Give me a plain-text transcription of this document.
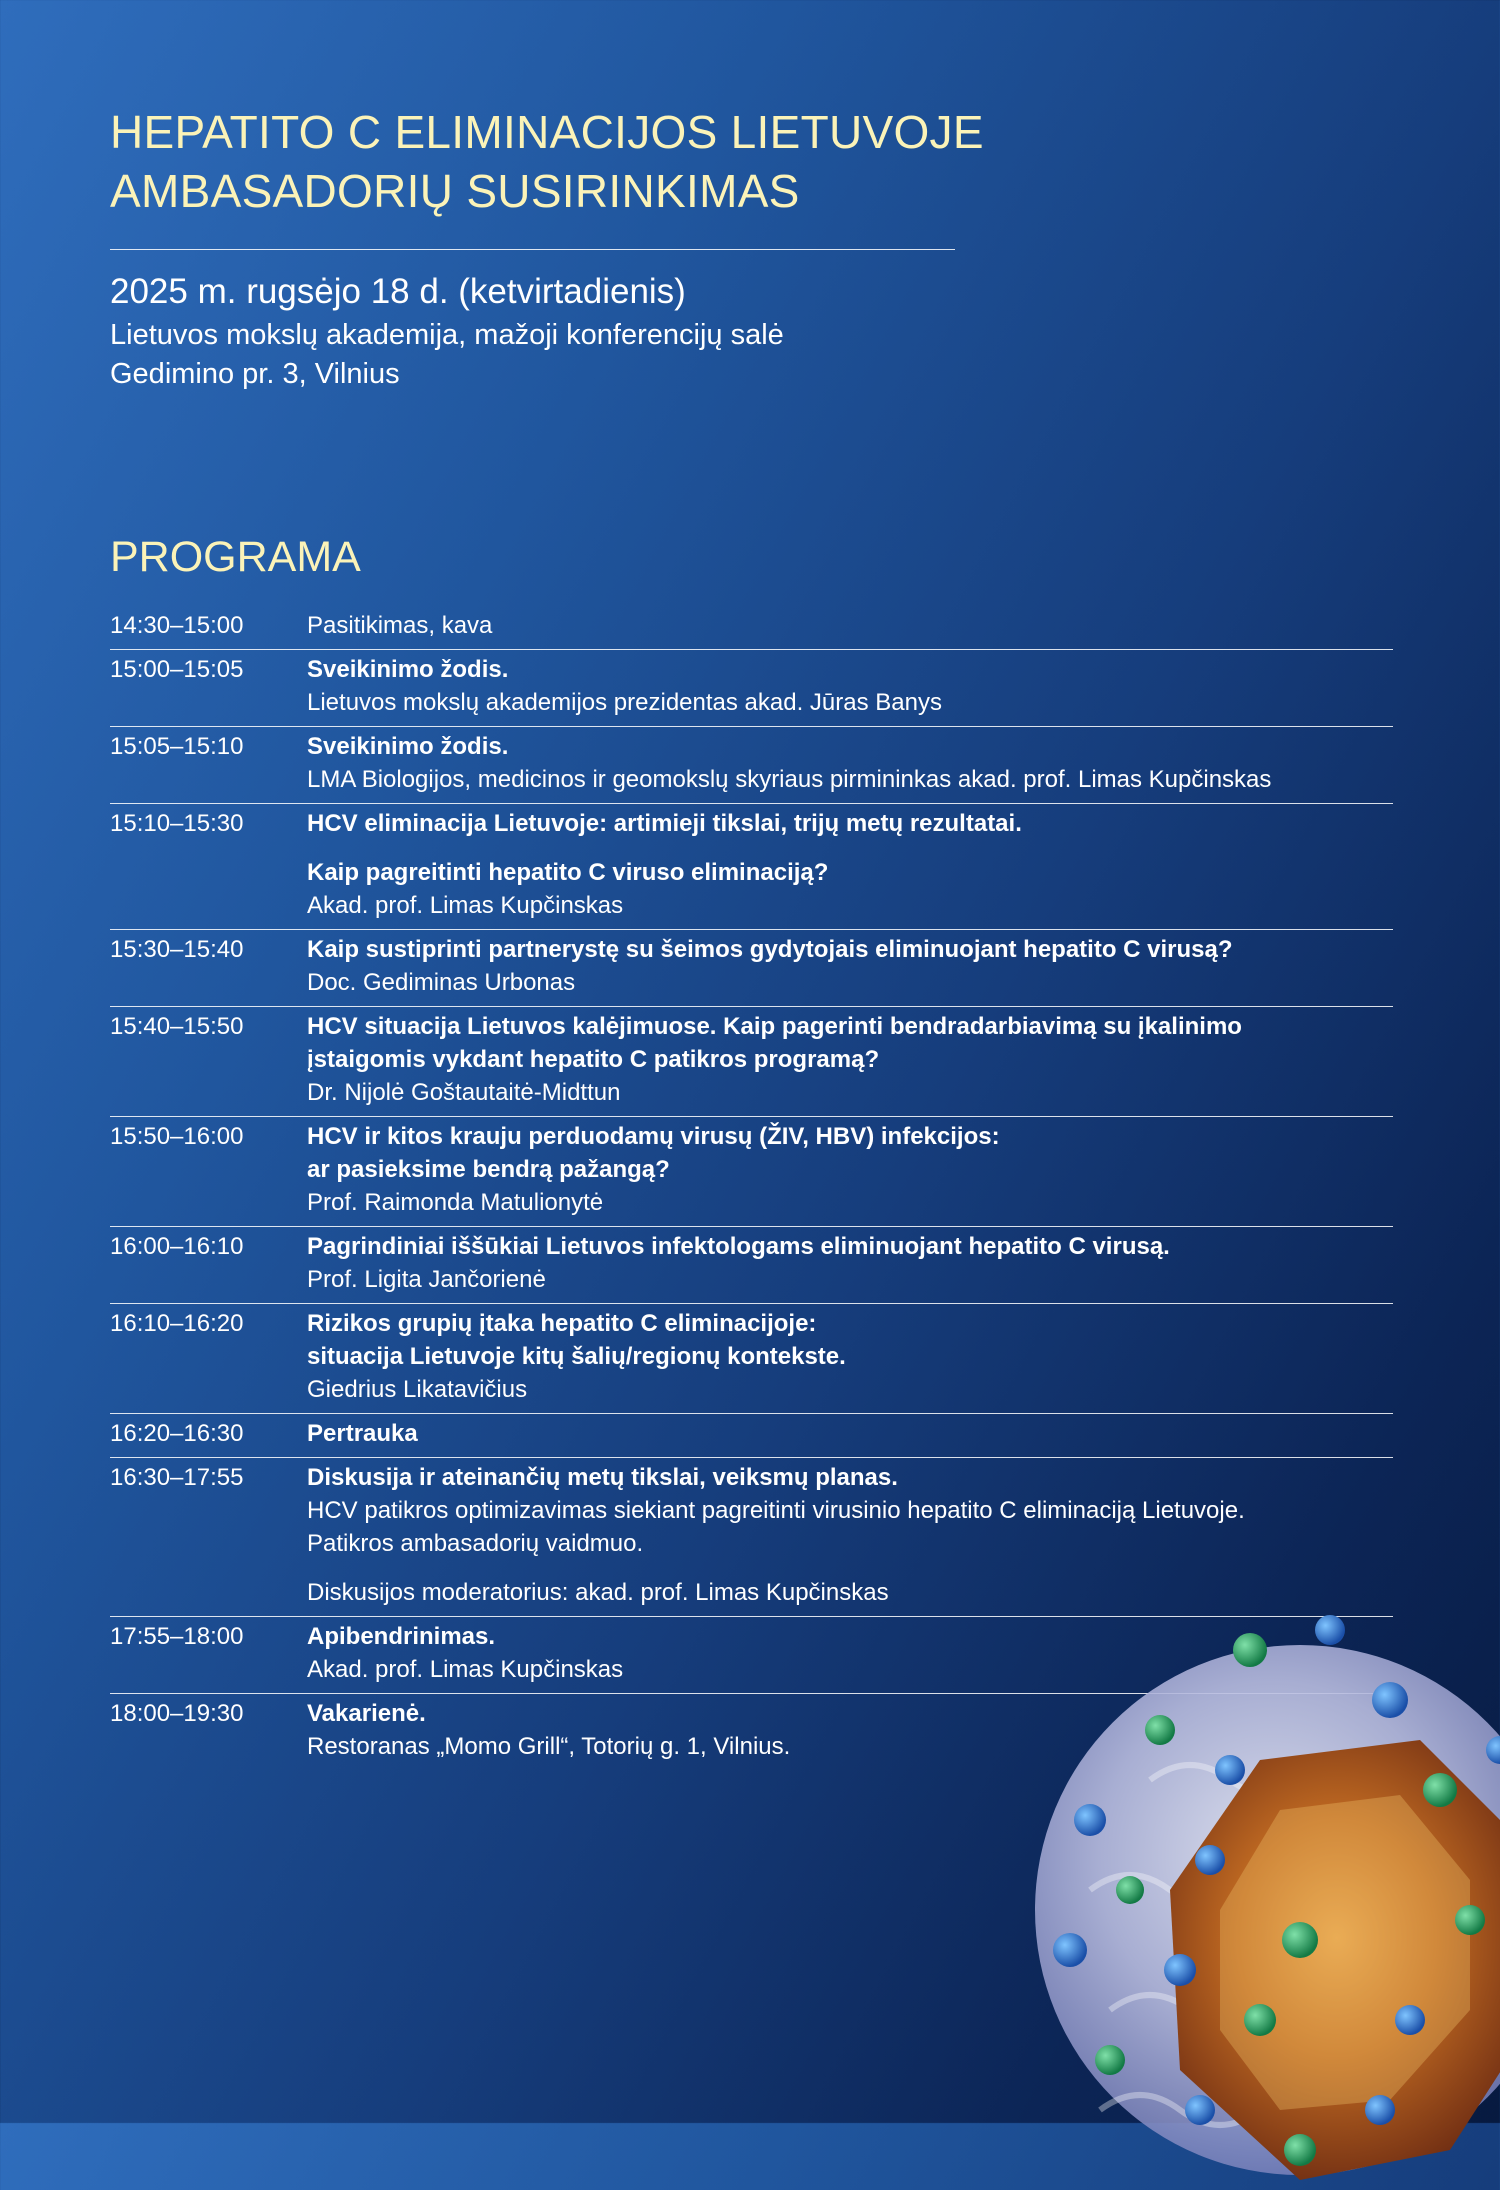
HEPATITO C ELIMINACIJOS LIETUVOJE
AMBASADORIŲ SUSIRINKIMAS
2025 m. rugsėjo 18 d. (ketvirtadienis)
Lietuvos mokslų akademija, mažoji konferencijų salė
Gedimino pr. 3, Vilnius
PROGRAMA
14:30–15:00	Pasitikimas, kava
15:00–15:05	Sveikinimo žodis.
Lietuvos mokslų akademijos prezidentas akad. Jūras Banys
15:05–15:10	Sveikinimo žodis.
LMA Biologijos, medicinos ir geomokslų skyriaus pirmininkas akad. prof. Limas Kupčinskas
15:10–15:30	HCV eliminacija Lietuvoje: artimieji tikslai, trijų metų rezultatai.
Kaip pagreitinti hepatito C viruso eliminaciją?
Akad. prof. Limas Kupčinskas
15:30–15:40	Kaip sustiprinti partnerystę su šeimos gydytojais eliminuojant hepatito C virusą?
Doc. Gediminas Urbonas
15:40–15:50	HCV situacija Lietuvos kalėjimuose. Kaip pagerinti bendradarbiavimą su įkalinimo
įstaigomis vykdant hepatito C patikros programą?
Dr. Nijolė Goštautaitė-Midttun
15:50–16:00	HCV ir kitos krauju perduodamų virusų (ŽIV, HBV) infekcijos:
ar pasieksime bendrą pažangą?
Prof. Raimonda Matulionytė
16:00–16:10	Pagrindiniai iššūkiai Lietuvos infektologams eliminuojant hepatito C virusą.
Prof. Ligita Jančorienė
16:10–16:20	Rizikos grupių įtaka hepatito C eliminacijoje:
situacija Lietuvoje kitų šalių/regionų kontekste.
Giedrius Likatavičius
16:20–16:30	Pertrauka
16:30–17:55	Diskusija ir ateinančių metų tikslai, veiksmų planas.
HCV patikros optimizavimas siekiant pagreitinti virusinio hepatito C eliminaciją Lietuvoje.
Patikros ambasadorių vaidmuo.
Diskusijos moderatorius: akad. prof. Limas Kupčinskas
17:55–18:00	Apibendrinimas.
Akad. prof. Limas Kupčinskas
18:00–19:30	Vakarienė.
Restoranas „Momo Grill“, Totorių g. 1, Vilnius.
